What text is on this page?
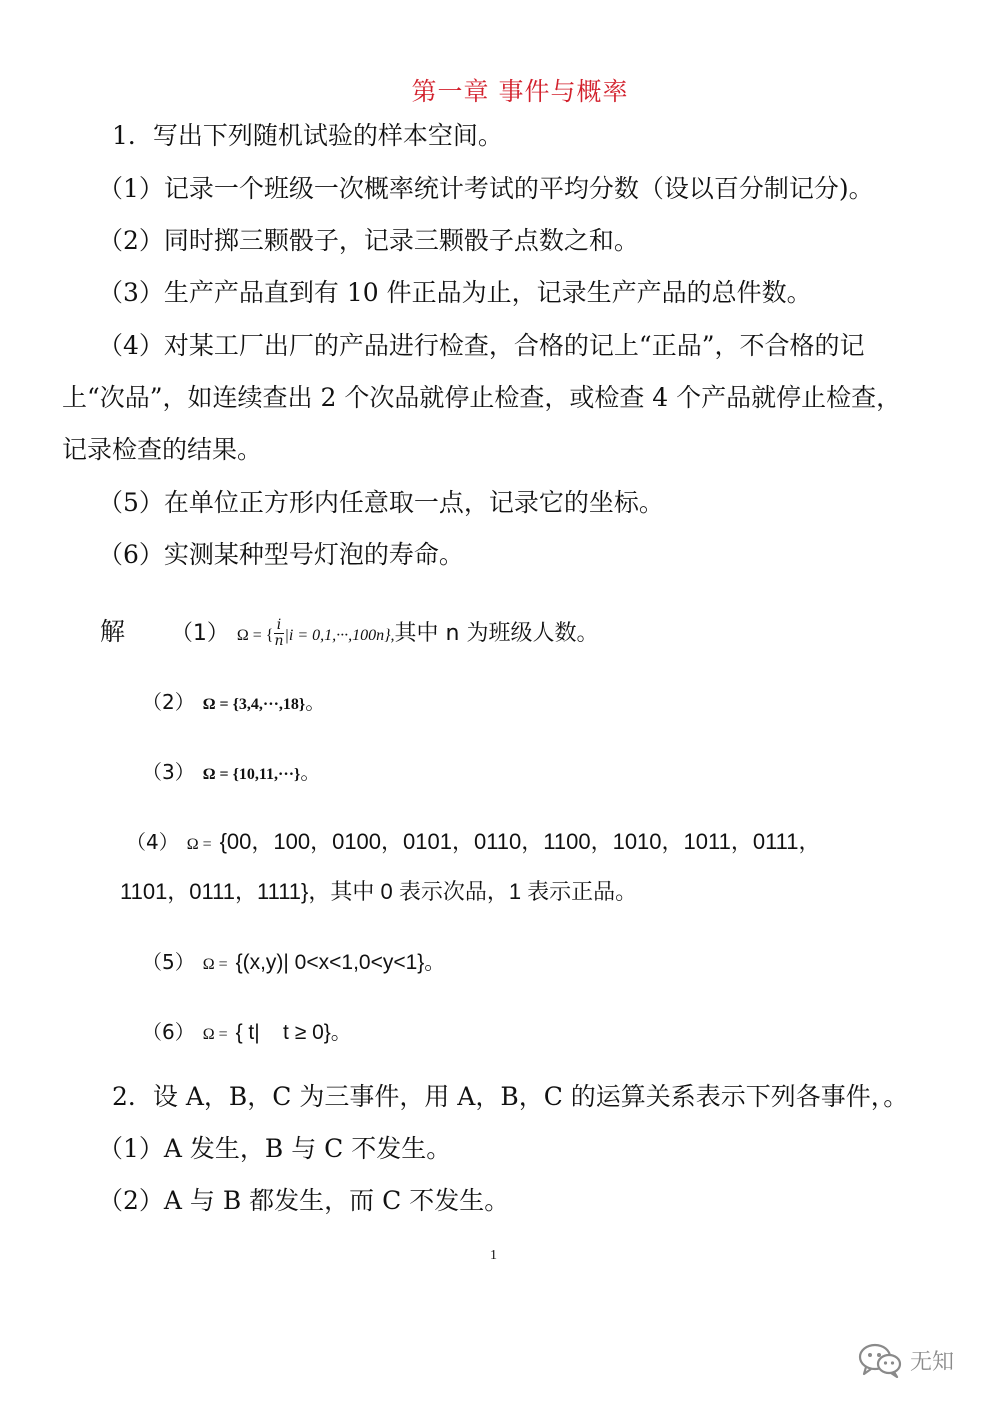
第一章 事件与概率
1．写出下列随机试验的样本空间。
（1）记录一个班级一次概率统计考试的平均分数（设以百分制记分)。
（2）同时掷三颗骰子，记录三颗骰子点数之和。
（3）生产产品直到有 10 件正品为止，记录生产产品的总件数。
（4）对某工厂出厂的产品进行检查，合格的记上“正品”，不合格的记
上“次品”，如连续查出 2 个次品就停止检查，或检查 4 个产品就停止检查，
记录检查的结果。
（5）在单位正方形内任意取一点，记录它的坐标。
（6）实测某种型号灯泡的寿命。
解 （1） Ω = { $\frac{i}{n} |i = 0,1,\cdot\cdot\cdot,100n$},其中 n 为班级人数。
（2） Ω = {3,4,···,18}。
（3） Ω = {10,11,···}。
（4） Ω = {00，100，0100，0101，0110，1100，1010，1011，0111，
1101，0111，1111}，其中 0 表示次品，1 表示正品。
（5） Ω = {(x,y)| 0<x<1,0<y<1}。
（6） Ω = { t|    t ≥ 0}。
2．设 A，B，C 为三事件，用 A，B，C 的运算关系表示下列各事件，。
（1）A 发生，B 与 C 不发生。
（2）A 与 B 都发生，而 C 不发生。
1
无知
